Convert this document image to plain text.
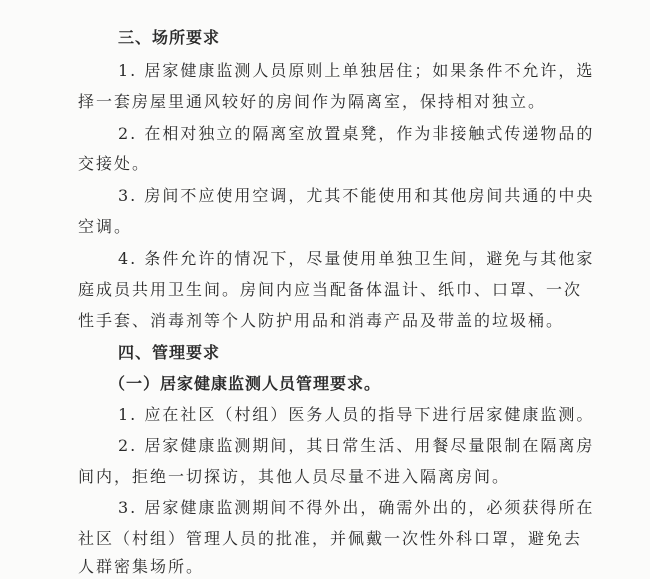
三、场所要求
1. 居家健康监测人员原则上单独居住；如果条件不允许，选
择一套房屋里通风较好的房间作为隔离室，保持相对独立。
2. 在相对独立的隔离室放置桌凳，作为非接触式传递物品的
交接处。
3. 房间不应使用空调，尤其不能使用和其他房间共通的中央
空调。
4. 条件允许的情况下，尽量使用单独卫生间，避免与其他家
庭成员共用卫生间。房间内应当配备体温计、纸巾、口罩、一次
性手套、消毒剂等个人防护用品和消毒产品及带盖的垃圾桶。
四、管理要求
（一）居家健康监测人员管理要求。
1. 应在社区（村组）医务人员的指导下进行居家健康监测。
2. 居家健康监测期间，其日常生活、用餐尽量限制在隔离房
间内，拒绝一切探访，其他人员尽量不进入隔离房间。
3. 居家健康监测期间不得外出，确需外出的，必须获得所在
社区（村组）管理人员的批准，并佩戴一次性外科口罩，避免去
人群密集场所。
